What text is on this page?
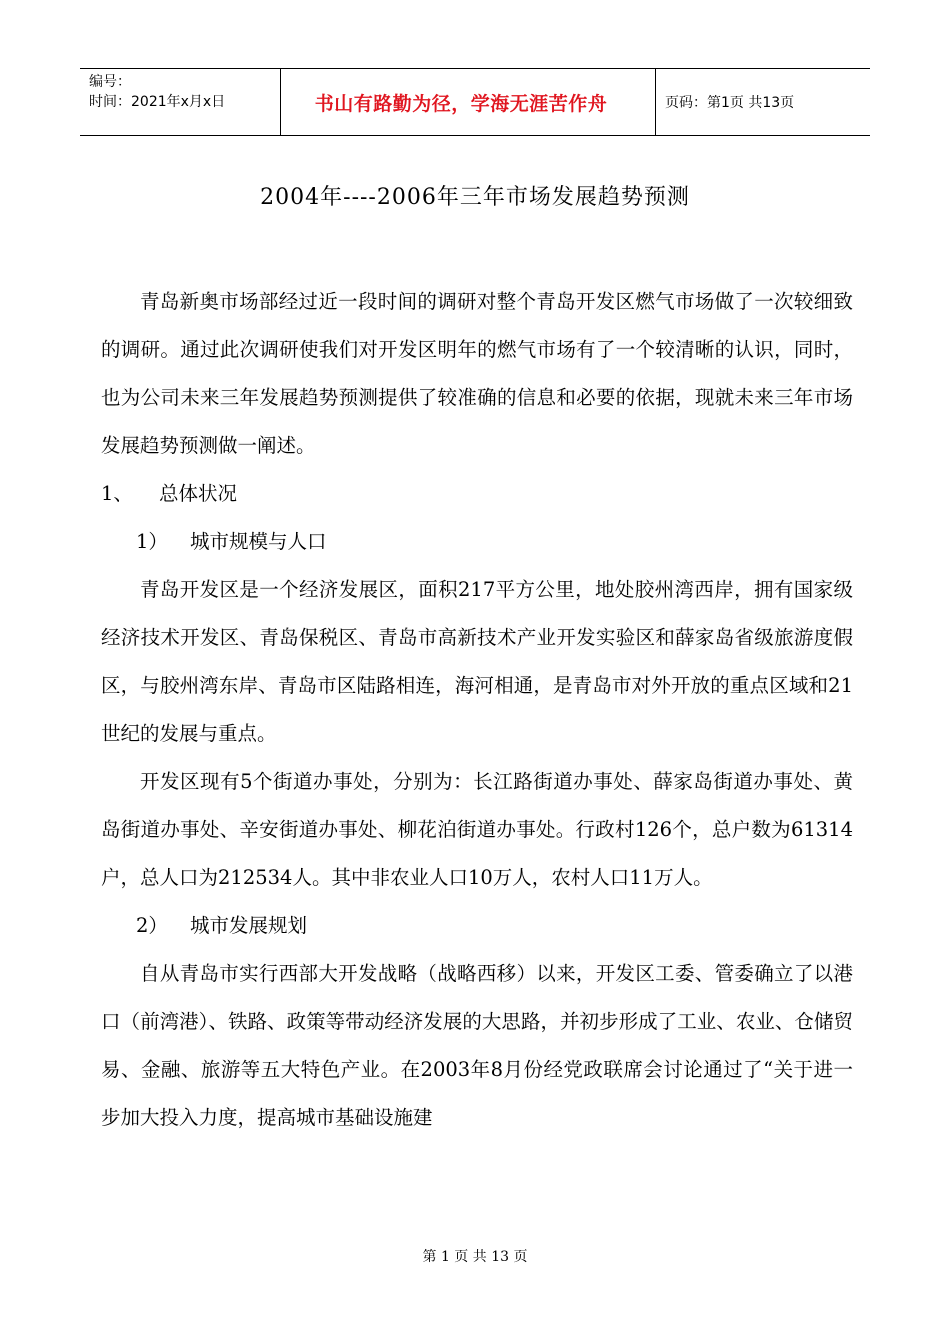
编号：
时间：2021年x月x日	书山有路勤为径，学海无涯苦作舟	页码：第1页 共13页
2004年----2006年三年市场发展趋势预测

青岛新奥市场部经过近一段时间的调研对整个青岛开发区燃气市场做了一次较细致的调研。通过此次调研使我们对开发区明年的燃气市场有了一个较清晰的认识，同时，也为公司未来三年发展趋势预测提供了较准确的信息和必要的依据，现就未来三年市场发展趋势预测做一阐述。

1、 总体状况

1） 城市规模与人口

青岛开发区是一个经济发展区，面积217平方公里，地处胶州湾西岸，拥有国家级经济技术开发区、青岛保税区、青岛市高新技术产业开发实验区和薛家岛省级旅游度假区，与胶州湾东岸、青岛市区陆路相连，海河相通，是青岛市对外开放的重点区域和21世纪的发展与重点。

开发区现有5个街道办事处，分别为：长江路街道办事处、薛家岛街道办事处、黄岛街道办事处、辛安街道办事处、柳花泊街道办事处。行政村126个，总户数为61314户，总人口为212534人。其中非农业人口10万人，农村人口11万人。

2） 城市发展规划

自从青岛市实行西部大开发战略（战略西移）以来，开发区工委、管委确立了以港口（前湾港）、铁路、政策等带动经济发展的大思路，并初步形成了工业、农业、仓储贸易、金融、旅游等五大特色产业。在2003年8月份经党政联席会讨论通过了“关于进一步加大投入力度，提高城市基础设施建

第 1 页 共 13 页
